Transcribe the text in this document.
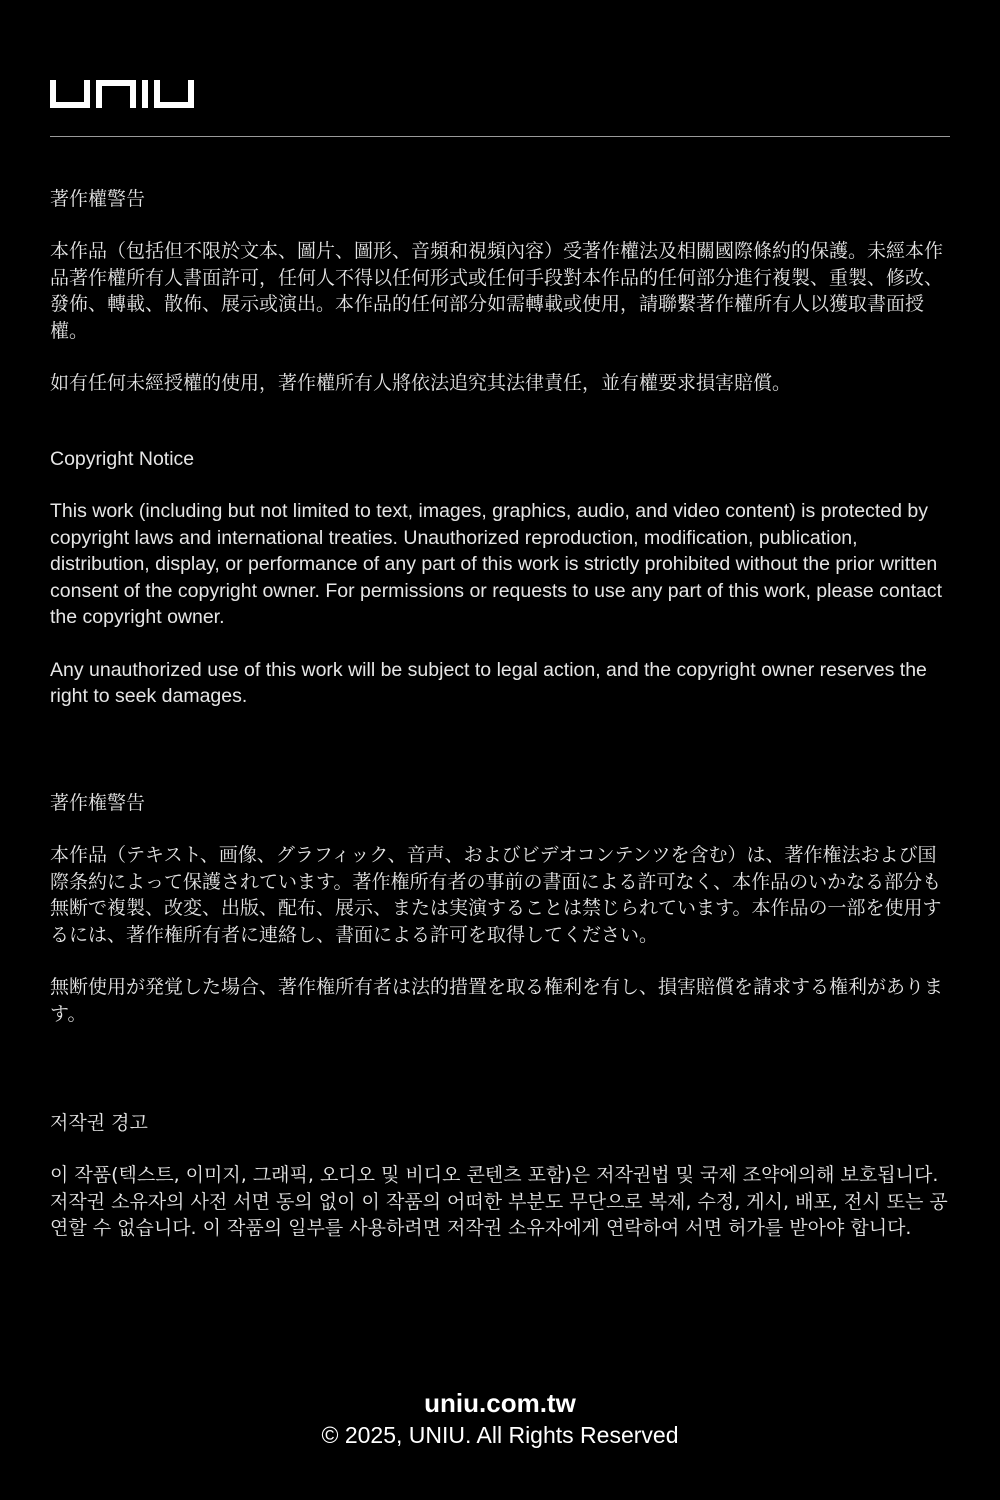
著作權警告

本作品（包括但不限於文本、圖片、圖形、音頻和視頻內容）受著作權法及相關國際條約的保護。未經本作品著作權所有人書面許可，任何人不得以任何形式或任何手段對本作品的任何部分進行複製、重製、修改、發佈、轉載、散佈、展示或演出。本作品的任何部分如需轉載或使用，請聯繫著作權所有人以獲取書面授權。

如有任何未經授權的使用，著作權所有人將依法追究其法律責任，並有權要求損害賠償。

Copyright Notice

This work (including but not limited to text, images, graphics, audio, and video content) is protected by copyright laws and international treaties. Unauthorized reproduction, modification, publication, distribution, display, or performance of any part of this work is strictly prohibited without the prior written consent of the copyright owner. For permissions or requests to use any part of this work, please contact the copyright owner.

Any unauthorized use of this work will be subject to legal action, and the copyright owner reserves the right to seek damages.

著作権警告

本作品（テキスト、画像、グラフィック、音声、およびビデオコンテンツを含む）は、著作権法および国際条約によって保護されています。著作権所有者の事前の書面による許可なく、本作品のいかなる部分も無断で複製、改変、出版、配布、展示、または実演することは禁じられています。本作品の一部を使用するには、著作権所有者に連絡し、書面による許可を取得してください。

無断使用が発覚した場合、著作権所有者は法的措置を取る権利を有し、損害賠償を請求する権利があります。

저작권 경고

이 작품(텍스트, 이미지, 그래픽, 오디오 및 비디오 콘텐츠 포함)은 저작권법 및 국제 조약에의해 보호됩니다. 저작권 소유자의 사전 서면 동의 없이 이 작품의 어떠한 부분도 무단으로 복제, 수정, 게시, 배포, 전시 또는 공연할 수 없습니다. 이 작품의 일부를 사용하려면 저작권 소유자에게 연락하여 서면 허가를 받아야 합니다.

uniu.com.tw

© 2025, UNIU. All Rights Reserved
